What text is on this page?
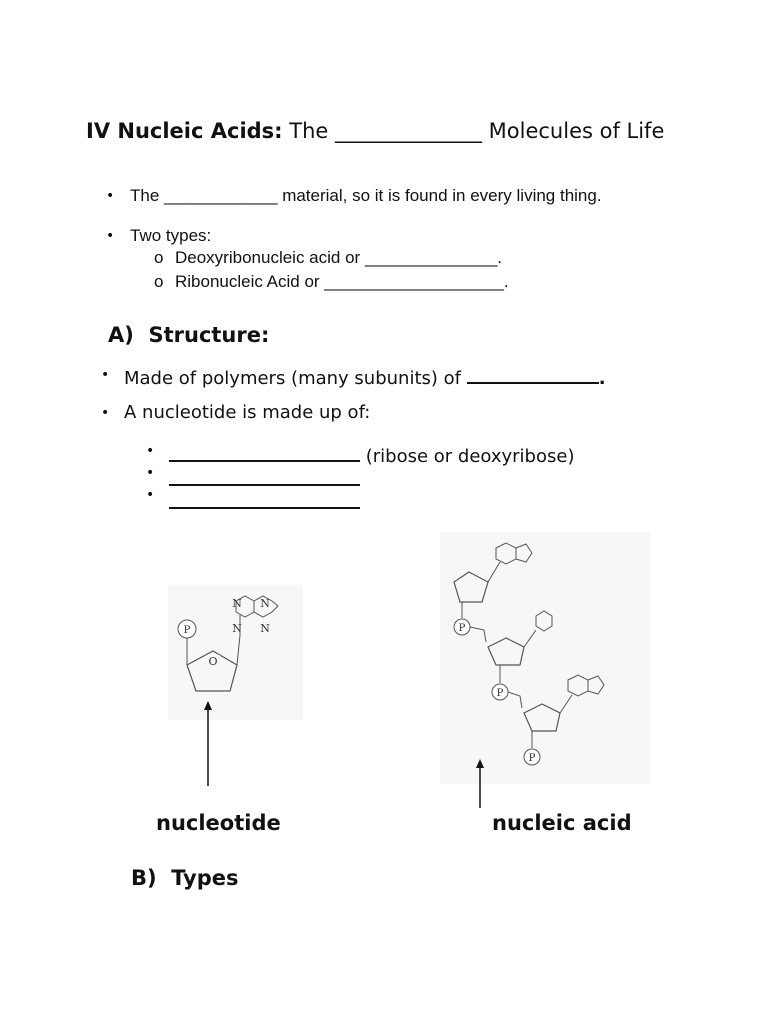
IV Nucleic Acids: The ______________ Molecules of Life
• The ____________ material, so it is found in every living thing.
• Two types:
o Deoxyribonucleic acid or ______________.
o Ribonucleic Acid or ___________________.
A)  Structure:
• Made of polymers (many subunits) of	.
• A nucleotide is made up of:
•	(ribose or deoxyribose)
•
•
P
O
N N
N N	P
P
P
nucleotide	nucleic acid
B)  Types
